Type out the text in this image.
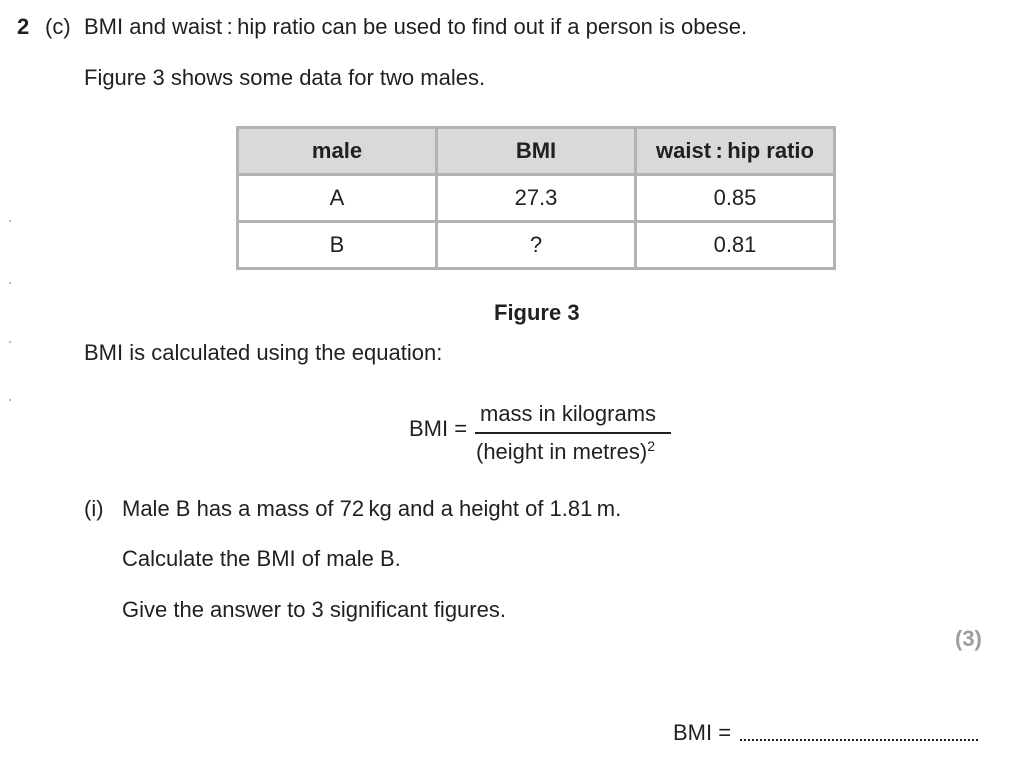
2 (c) BMI and waist : hip ratio can be used to find out if a person is obese.
Figure 3 shows some data for two males.
male	BMI	waist : hip ratio
A	27.3	0.85
B	?	0.81
Figure 3
BMI is calculated using the equation:
BMI =
mass in kilograms
(height in metres)$^2$
(i) Male B has a mass of 72 kg and a height of 1.81 m.
Calculate the BMI of male B.
Give the answer to 3 significant figures.
(3)
BMI =
